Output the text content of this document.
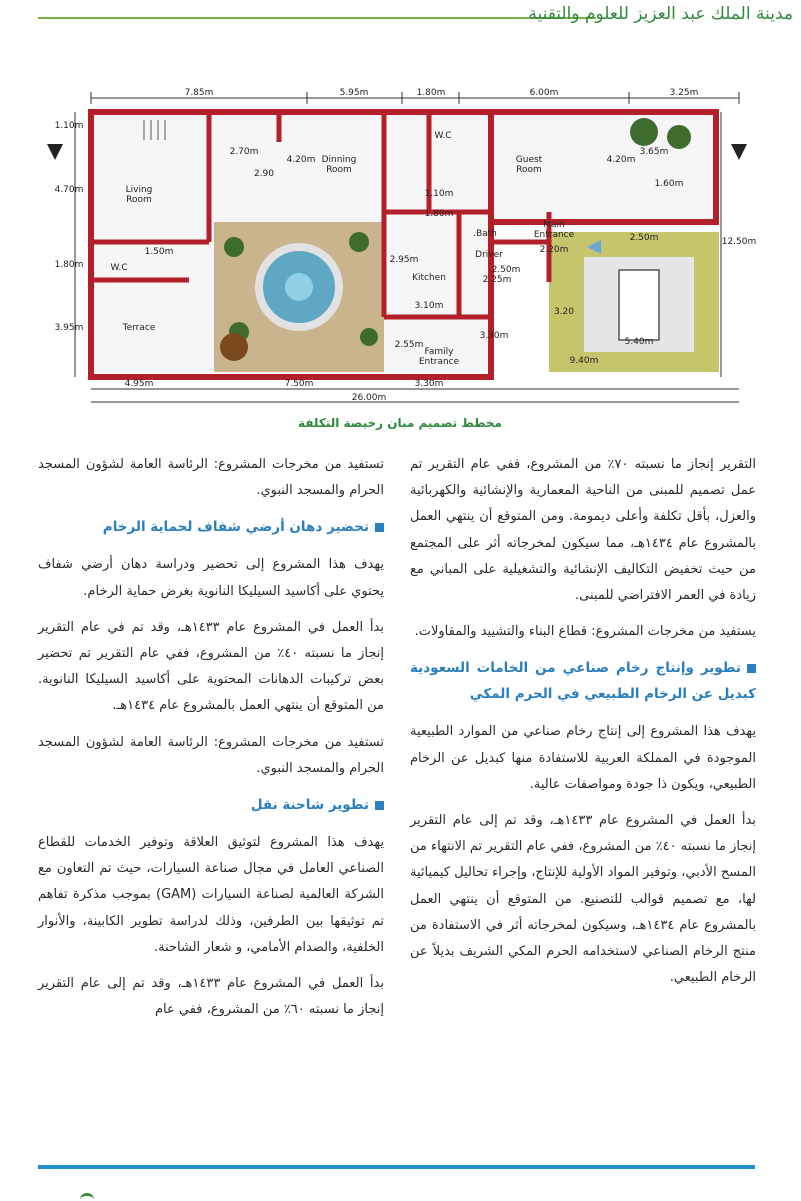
مدينة الملك عبد العزيز للعلوم والتقنية
7.85m	5.95m	1.80m	6.00m	3.25m
4.95m	7.50m	3.30m
26.00m
1.10m
4.70m
1.80m
3.95m
12.50m
Living Room
Dinning Room
Guest Room
Terrace
Kitchen
Main Entrance
Family Entrance
W.C
W.C
Bath.
Driver
2.70m
2.90
4.20m	4.20m
1.10m
1.80m
2.20m
2.50m
3.65m
1.60m
1.50m
2.95m
3.10m
2.50m
2.25m
3.20
3.30m
5.40m
9.40m
2.55m
مخطط تصميم مبان رخيصة التكلفة

التقرير إنجاز ما نسبته ٧٠٪ من المشروع، ففي عام التقرير تم عمل تصميم للمبنى من الناحية المعمارية والإنشائية والكهربائية والعزل، بأقل تكلفة وأعلى ديمومة. ومن المتوقع أن ينتهي العمل بالمشروع عام ١٤٣٤هـ، مما سيكون لمخرجاته أثر على المجتمع من حيث تخفيض التكاليف الإنشائية والتشغيلية على المباني مع زيادة في العمر الافتراضي للمبنى.

يستفيد من مخرجات المشروع: قطاع البناء والتشييد والمقاولات.

تطوير وإنتاج رخام صناعي من الخامات السعودية كبديل عن الرخام الطبيعي في الحرم المكي

يهدف هذا المشروع إلى إنتاج رخام صناعي من الموارد الطبيعية الموجودة في المملكة العربية للاستفادة منها كبديل عن الرخام الطبيعي، ويكون ذا جودة ومواصفات عالية.

بدأ العمل في المشروع عام ١٤٣٣هـ، وقد تم إلى عام التقرير إنجاز ما نسبته ٤٠٪ من المشروع، ففي عام التقرير تم الانتهاء من المسح الأدبي، وتوفير المواد الأولية للإنتاج، وإجراء تحاليل كيميائية لها، مع تصميم قوالب للتصنيع. من المتوقع أن ينتهي العمل بالمشروع عام ١٤٣٤هـ، وسيكون لمخرجاته أثر في الاستفادة من منتج الرخام الصناعي لاستخدامه الحرم المكي الشريف بديلاً عن الرخام الطبيعي.

تستفيد من مخرجات المشروع: الرئاسة العامة لشؤون المسجد الحرام والمسجد النبوي.

تحضير دهان أرضي شفاف لحماية الرخام

يهدف هذا المشروع إلى تحضير ودراسة دهان أرضي شفاف يحتوي على أكاسيد السيليكا النانوية بغرض حماية الرخام.

بدأ العمل في المشروع عام ١٤٣٣هـ، وقد تم في عام التقرير إنجاز ما نسبته ٤٠٪ من المشروع، ففي عام التقرير تم تحضير بعض تركيبات الدهانات المحتوية على أكاسيد السيليكا النانوية. من المتوقع أن ينتهي العمل بالمشروع عام ١٤٣٤هـ.

تستفيد من مخرجات المشروع: الرئاسة العامة لشؤون المسجد الحرام والمسجد النبوي.

تطوير شاحنة نقل

يهدف هذا المشروع لتوثيق العلاقة وتوفير الخدمات للقطاع الصناعي العامل في مجال صناعة السيارات، حيث تم التعاون مع الشركة العالمية لصناعة السيارات (GAM) بموجب مذكرة تفاهم تم توثيقها بين الطرفين، وذلك لدراسة تطوير الكابينة، والأنوار الخلفية، والصدام الأمامي، و شعار الشاحنة.

بدأ العمل في المشروع عام ١٤٣٣هـ، وقد تم إلى عام التقرير إنجاز ما نسبته ٦٠٪ من المشروع، ففي عام
